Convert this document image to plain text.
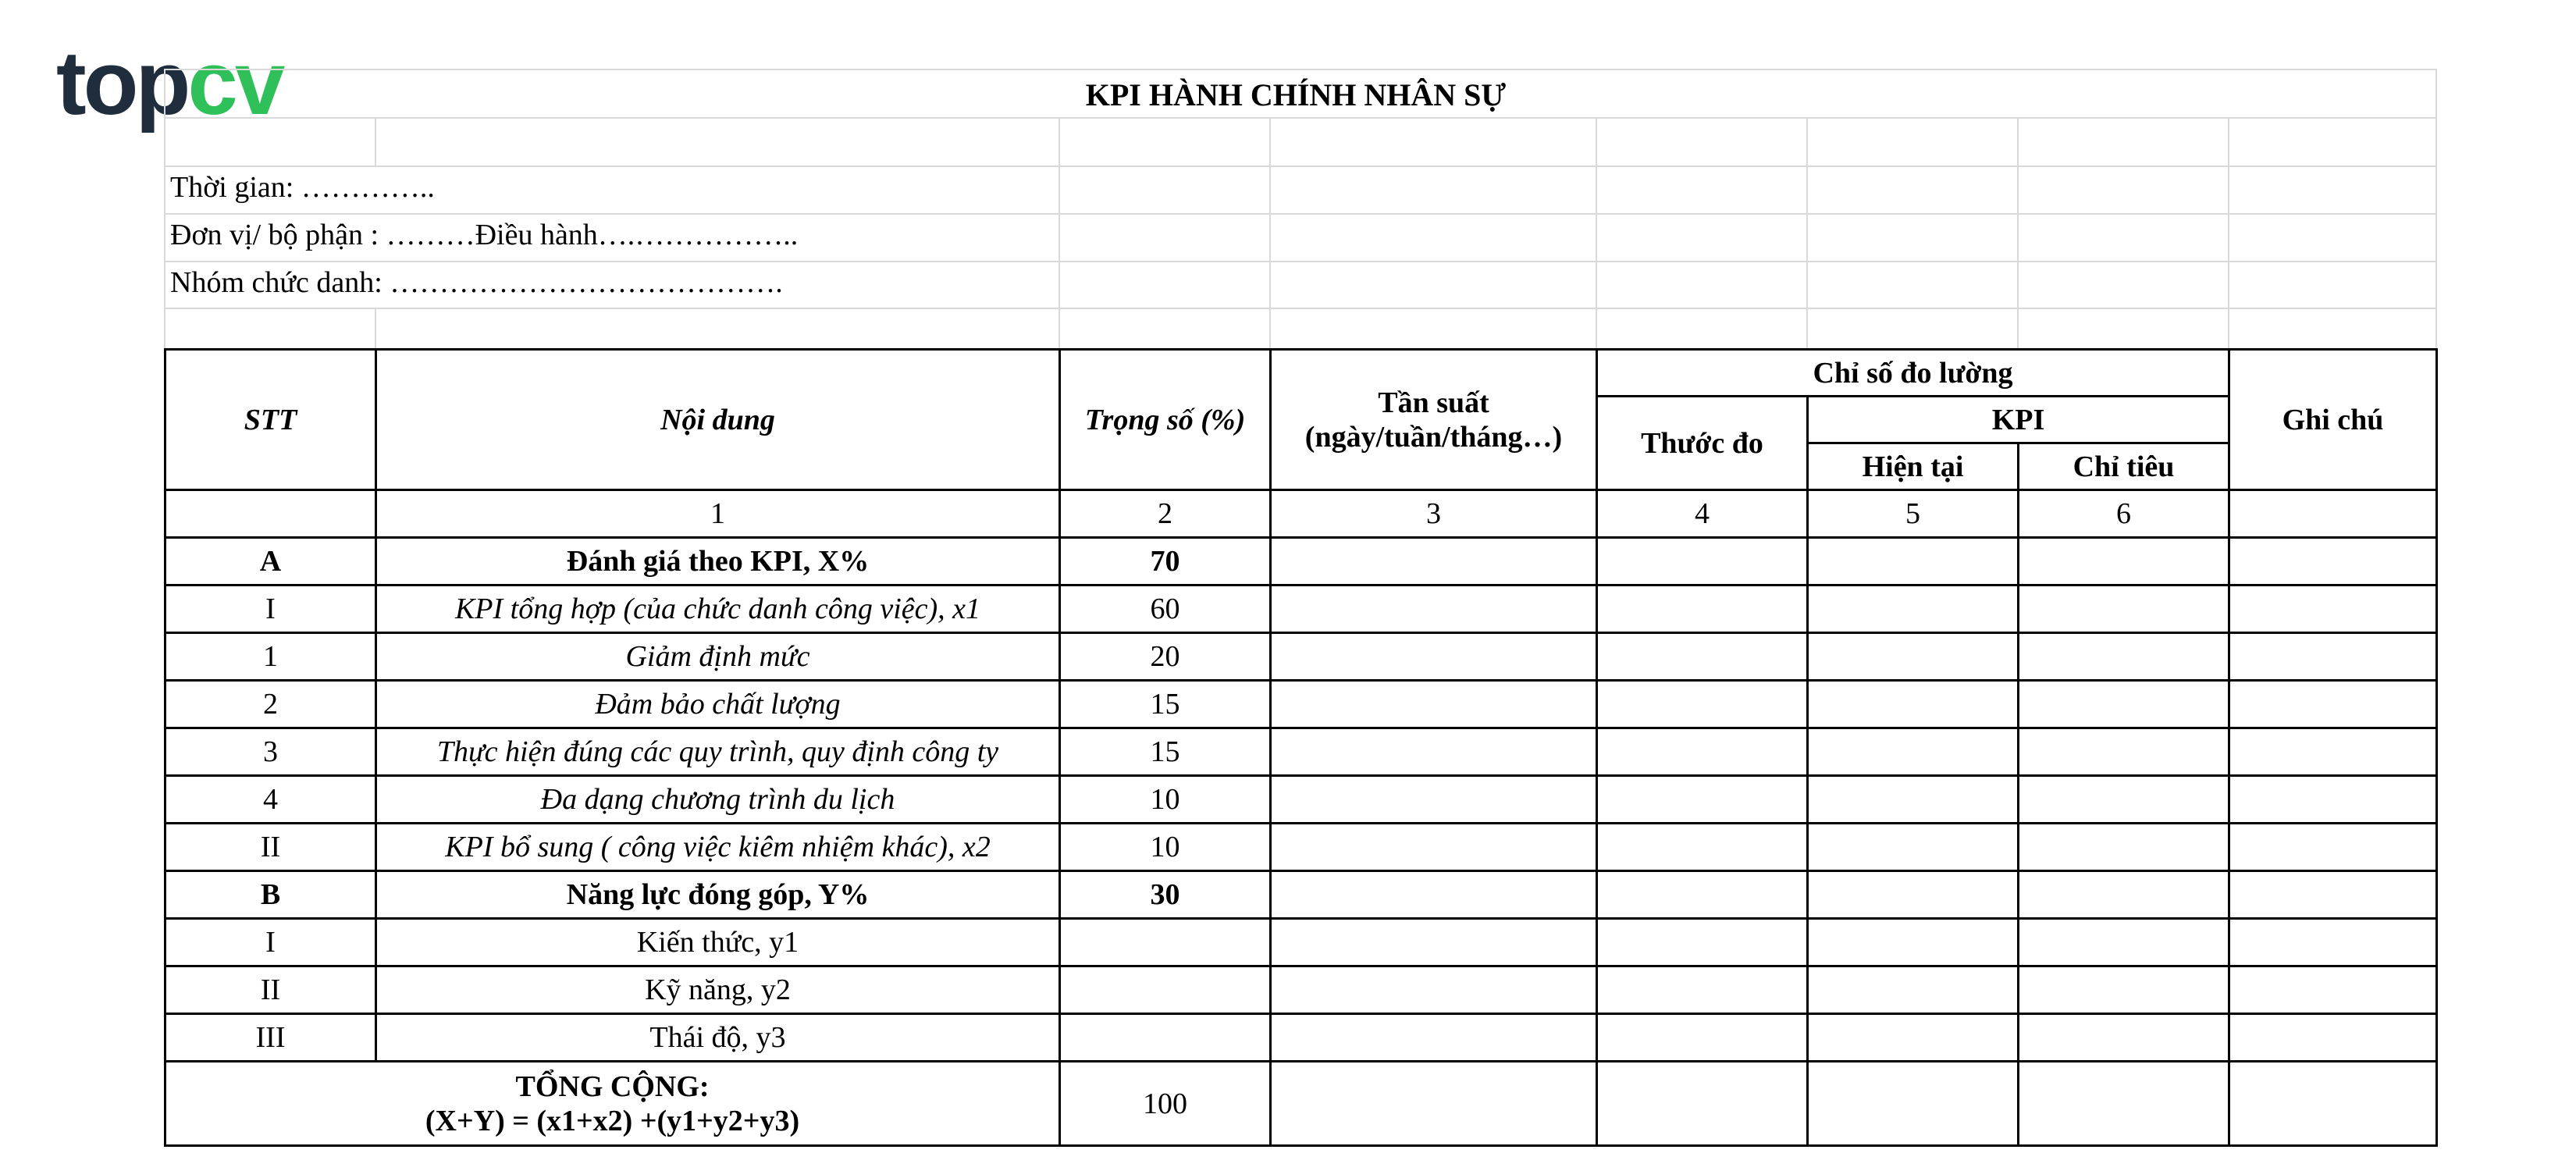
topcv	KPI HÀNH CHÍNH NHÂN SỰ
Thời gian: …………..
Đơn vị/ bộ phận : ………Điều hành….……………..
Nhóm chức danh: ………………………………….
STT	Nội dung	Trọng số (%)	Tần suất
(ngày/tuần/tháng…)	Chỉ số đo lường			Ghi chú
				Thước đo	KPI		
					Hiện tại	Chỉ tiêu	
	1	2	3	4	5	6	
A	Đánh giá theo KPI, X%	70					
I	KPI tổng hợp (của chức danh công việc), x1	60					
1	Giảm định mức	20					
2	Đảm bảo chất lượng	15					
3	Thực hiện đúng các quy trình, quy định công ty	15					
4	Đa dạng chương trình du lịch	10					
II	KPI bổ sung ( công việc kiêm nhiệm khác), x2	10					
B	Năng lực đóng góp, Y%	30					
I	Kiến thức, y1						
II	Kỹ năng, y2						
III	Thái độ, y3						

TỔNG CỘNG:
(X+Y) = (x1+x2) +(y1+y2+y3)		100					
